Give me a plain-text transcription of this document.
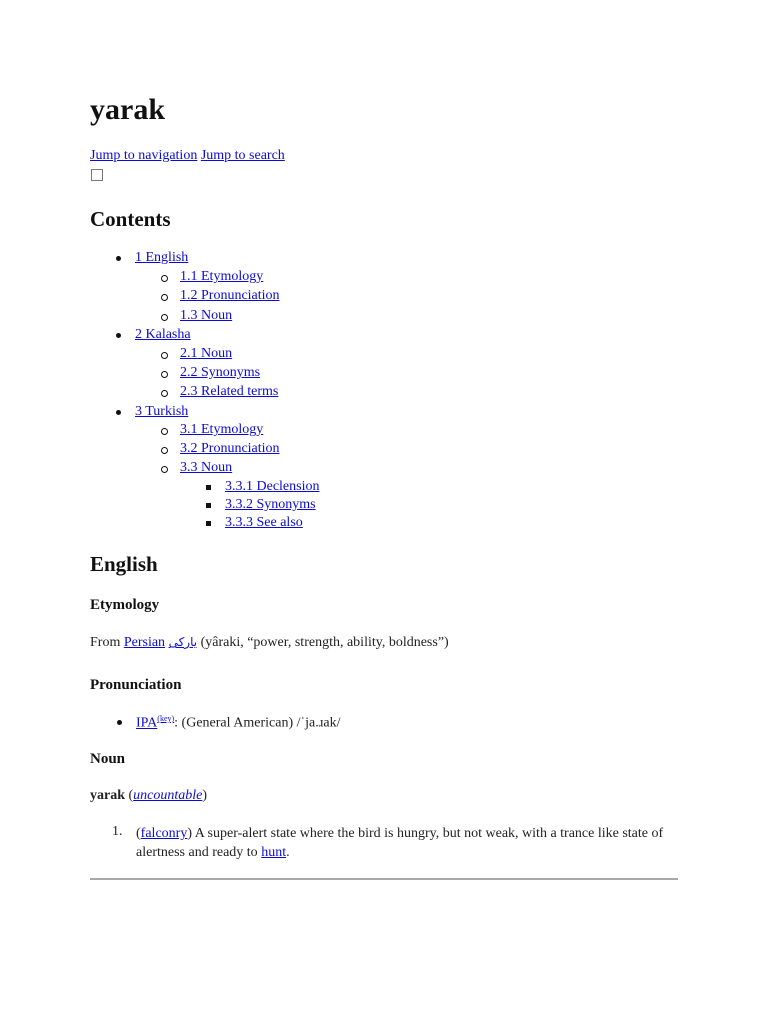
yarak
Jump to navigation Jump to search
Contents
1 English
1.1 Etymology
1.2 Pronunciation
1.3 Noun
2 Kalasha
2.1 Noun
2.2 Synonyms
2.3 Related terms
3 Turkish
3.1 Etymology
3.2 Pronunciation
3.3 Noun
3.3.1 Declension
3.3.2 Synonyms
3.3.3 See also
English
Etymology
From Persian یارکی (yâraki, “power, strength, ability, boldness”)
Pronunciation
IPA$^{(key)}$: (General American) /ˈja.ɹak/
Noun
yarak (uncountable)
1. (falconry) A super-alert state where the bird is hungry, but not weak, with a trance like state of alertness and ready to hunt.
